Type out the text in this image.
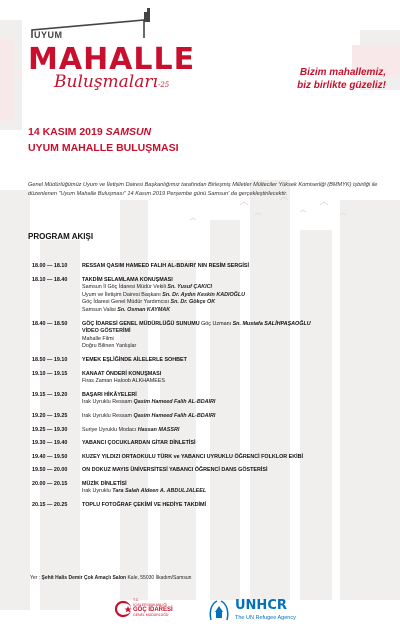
UYUM
MAHALLE
Buluşmaları-25
Bizim mahallemiz,
biz birlikte güzeliz!
14 KASIM 2019 SAMSUN
UYUM MAHALLE BULUŞMASI
Genel Müdürlüğümüz Uyum ve İletişim Dairesi Başkanlığımız tarafından Birleşmiş Milletler Mülteciler Yüksek Komiserliği (BMMYK) işbirliği ile düzenlenen "Uyum Mahalle Buluşması" 14 Kasım 2019 Perşembe günü Samsun' da gerçekleştirilecektir.
PROGRAM AKIŞI
18.00 — 18.10	RESSAM QASIM HAMEED FALIH AL-BDAIRI' NIN RESİM SERGİSİ
18.10 — 18.40	TAKDİM SELAMLAMA KONUŞMASI
Samsun İl Göç İdaresi Müdür Vekili Sn. Yusuf ÇAKICI
Uyum ve İletişim Dairesi Başkanı Sn. Dr. Aydın Keskin KADIOĞLU
Göç İdaresi Genel Müdür Yardımcısı Sn. Dr. Gökçe OK
Samsun Valisi Sn. Osman KAYMAK
18.40 — 18.50	GÖÇ İDARESİ GENEL MÜDÜRLÜĞÜ SUNUMU Göç Uzmanı Sn. Mustafa SALİHPAŞAOĞLU
VİDEO GÖSTERİMİ
Mahalle Filmi
Doğru Bilinen Yanlışlar
18.50 — 19.10	YEMEK EŞLİĞİNDE AİLELERLE SOHBET
19.10 — 19.15	KANAAT ÖNDERİ KONUŞMASI
Firas Zaman Haloob ALKHAMEES
19.15 — 19.20	BAŞARI HİKÂYELERİ
Irak Uyruklu Ressam Qasim Hameed Falih AL-BDAIRI
19.20 — 19.25	Irak Uyruklu Ressam Qasim Hameed Falih AL-BDAIRI
19.25 — 19.30	Suriye Uyruklu Modacı Hassan MASSRI
19.30 — 19.40	YABANCI ÇOCUKLARDAN GİTAR DİNLETİSİ
19.40 — 19.50	KUZEY YILDIZI ORTAOKULU TÜRK ve YABANCI UYRUKLU ÖĞRENCİ FOLKLOR EKİBİ
19.50 — 20.00	ON DOKUZ MAYIS ÜNİVERSİTESİ YABANCI ÖĞRENCİ DANS GÖSTERİSİ
20.00 — 20.15	MÜZİK DİNLETİSİ
Irak Uyruklu Tara Salah Aldeen A. ABDULJALEEL
20.15 — 20.25	TOPLU FOTOĞRAF ÇEKİMİ VE HEDİYE TAKDİMİ
Yer : Şehit Halis Demir Çok Amaçlı Salon Kale, 55030 İlkadım/Samsun
T.C.
İÇİŞLERİ BAKANLIĞI
GÖÇ İDARESİ
GENEL MÜDÜRLÜĞÜ
UNHCR
The UN Refugee Agency
